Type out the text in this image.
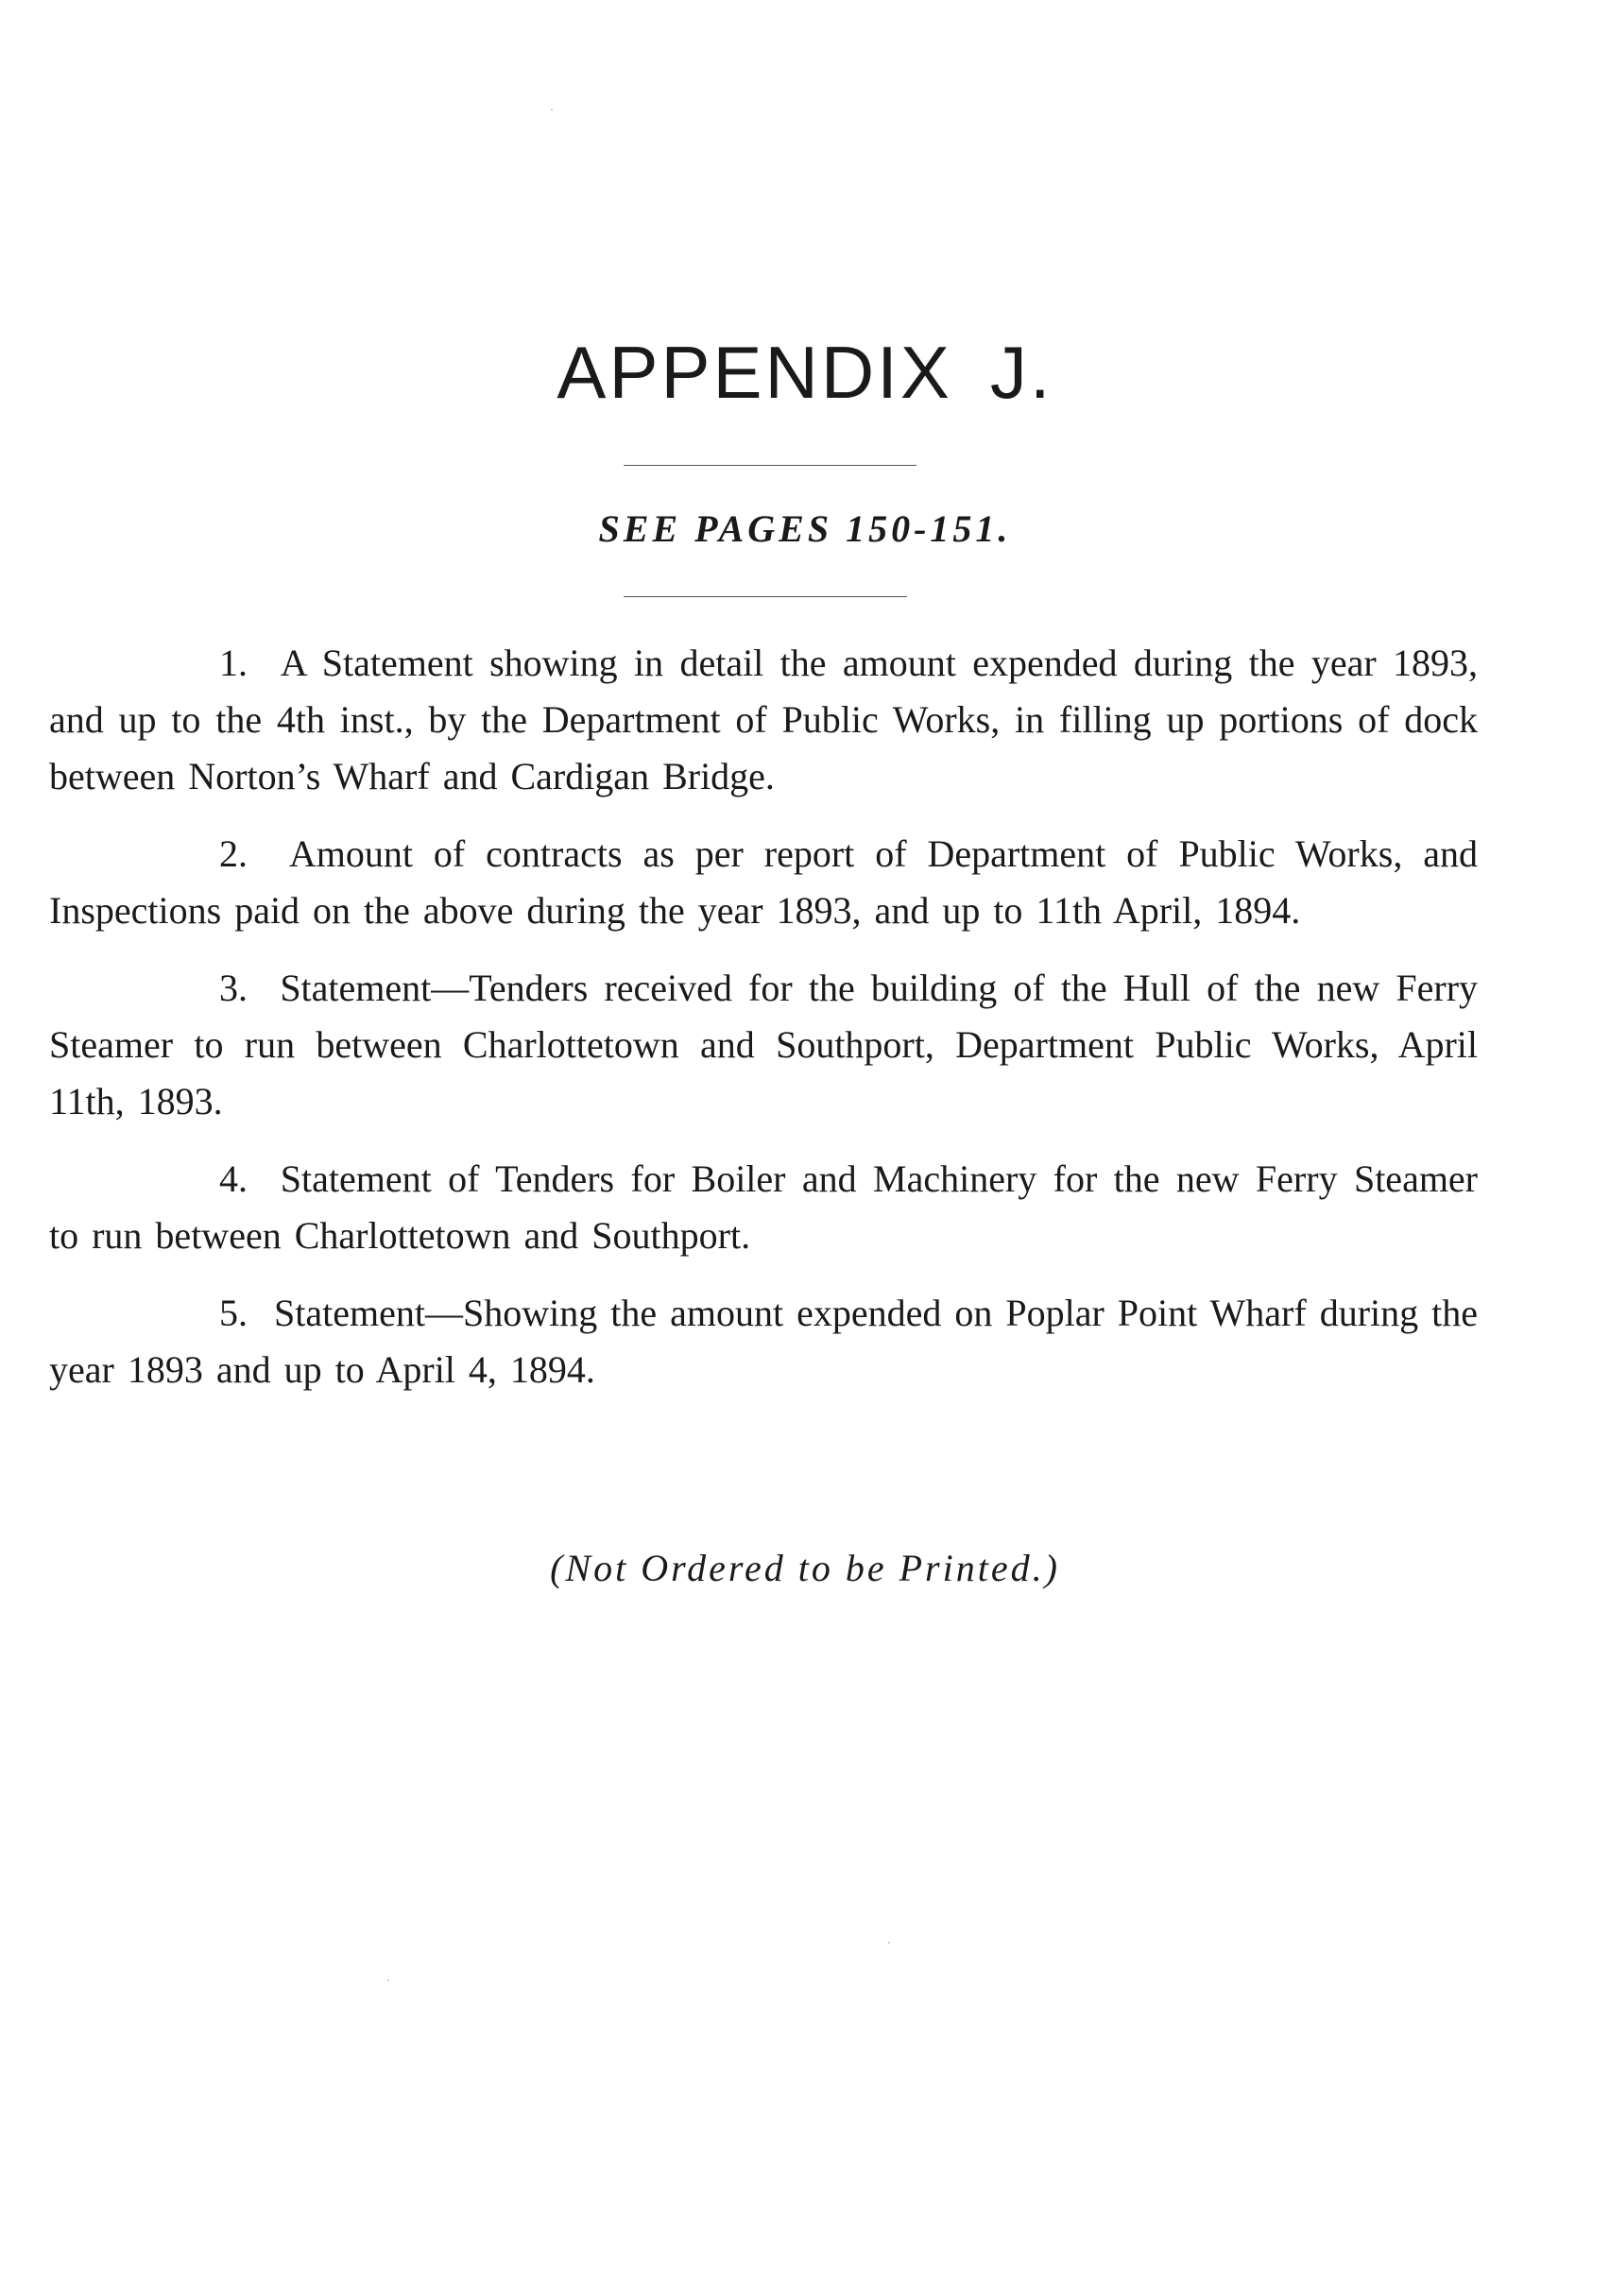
APPENDIX J.

SEE PAGES 150-151.

1. A Statement showing in detail the amount expended during the year 1893, and up to the 4th inst., by the Department of Public Works, in filling up portions of dock between Norton’s Wharf and Cardigan Bridge.

2. Amount of contracts as per report of Department of Public Works, and Inspections paid on the above during the year 1893, and up to 11th April, 1894.

3. Statement—Tenders received for the building of the Hull of the new Ferry Steamer to run between Charlottetown and Southport, Department Public Works, April 11th, 1893.

4. Statement of Tenders for Boiler and Machinery for the new Ferry Steamer to run between Charlottetown and Southport.

5. Statement—Showing the amount expended on Poplar Point Wharf during the year 1893 and up to April 4, 1894.

(Not Ordered to be Printed.)
